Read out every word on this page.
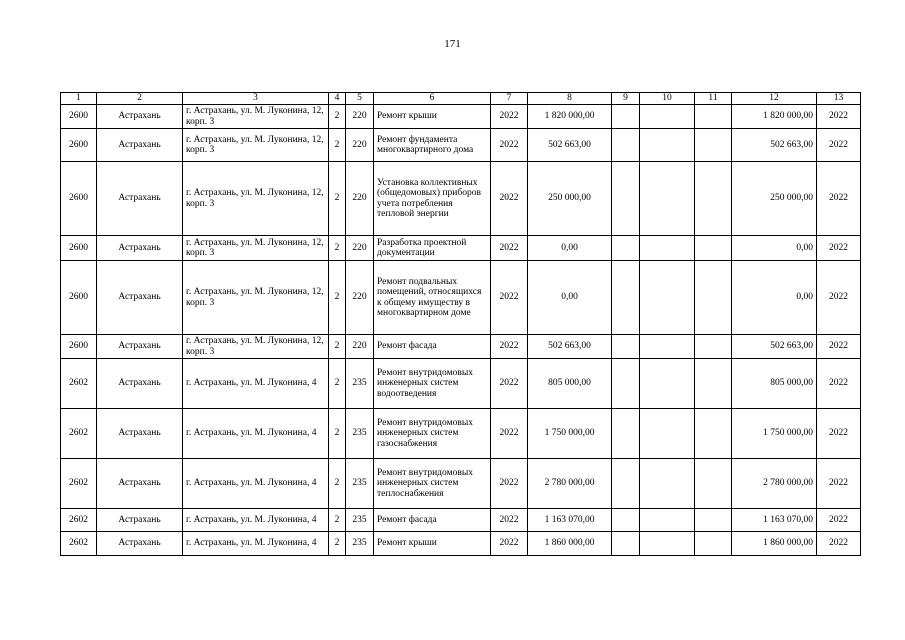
171
1	2	3	4	5	6	7	8	9	10	11	12	13
2600	Астрахань	г. Астрахань, ул. М. Луконина, 12, корп. 3	2	220	Ремонт крыши	2022	1 820 000,00				1 820 000,00	2022
2600	Астрахань	г. Астрахань, ул. М. Луконина, 12, корп. 3	2	220	Ремонт фундамента многоквартирного дома	2022	502 663,00				502 663,00	2022
2600	Астрахань	г. Астрахань, ул. М. Луконина, 12, корп. 3	2	220	Установка коллективных (общедомовых) приборов учета потребления тепловой энергии	2022	250 000,00				250 000,00	2022
2600	Астрахань	г. Астрахань, ул. М. Луконина, 12, корп. 3	2	220	Разработка проектной документации	2022	0,00				0,00	2022
2600	Астрахань	г. Астрахань, ул. М. Луконина, 12, корп. 3	2	220	Ремонт подвальных помещений, относящихся к общему имуществу в многоквартирном доме	2022	0,00				0,00	2022
2600	Астрахань	г. Астрахань, ул. М. Луконина, 12, корп. 3	2	220	Ремонт фасада	2022	502 663,00				502 663,00	2022
2602	Астрахань	г. Астрахань, ул. М. Луконина, 4	2	235	Ремонт внутридомовых инженерных систем водоотведения	2022	805 000,00				805 000,00	2022
2602	Астрахань	г. Астрахань, ул. М. Луконина, 4	2	235	Ремонт внутридомовых инженерных систем газоснабжения	2022	1 750 000,00				1 750 000,00	2022
2602	Астрахань	г. Астрахань, ул. М. Луконина, 4	2	235	Ремонт внутридомовых инженерных систем теплоснабжения	2022	2 780 000,00				2 780 000,00	2022
2602	Астрахань	г. Астрахань, ул. М. Луконина, 4	2	235	Ремонт фасада	2022	1 163 070,00				1 163 070,00	2022
2602	Астрахань	г. Астрахань, ул. М. Луконина, 4	2	235	Ремонт крыши	2022	1 860 000,00				1 860 000,00	2022
